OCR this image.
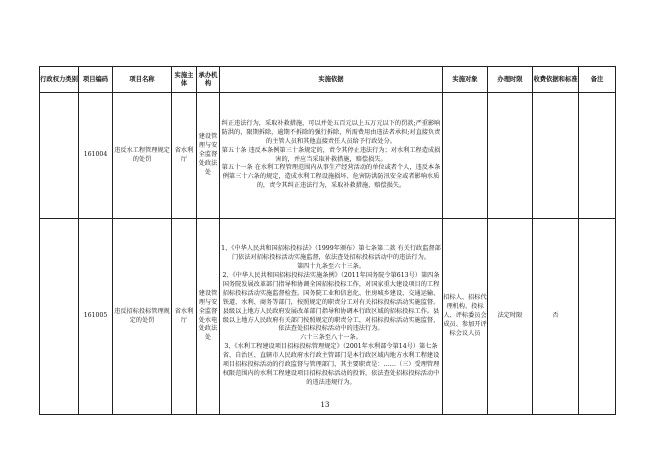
行政权力类别	项目编码	项目名称	实施主体	承办机构	实施依据	实施对象	办理时限	收费依据和标准	备注
	161004	违反水工程管理规定的处罚	省水利厅	建设管理与安全监督处政法处	纠正违法行为，采取补救措施，可以并处五百元以上五万元以下的罚款;严重影响防洪的，限期拆除，逾期不拆除的强行拆除，所需费用由违法者承担;对直接负责的主管人员和其他直接责任人员给予行政处分。

第五十条 违反本条例第三十条规定的，责令其停止违法行为；对水利工程造成损害的，并应当采取补救措施，赔偿损失。

第五十一条 在水利工程管理范围内从事生产经营活动的单位或者个人，违反本条例第三十六条的规定，造成水利工程设施损坏、危害防洪防汛安全或者影响水质的，责令其纠正违法行为，采取补救措施，赔偿损失。				

	161005	违反招标投标管理规定的处罚	省水利厅	建设管理与安全监督处水电处政法处	1、《中华人民共和国招标投标法》（1999年颁布）第七条第二款 有关行政监督部门依法对招标投标活动实施监督，依法查处招标投标活动中的违法行为。

第四十九条至六十三条。

2、《中华人民共和国招标投标法实施条例》（2011年国务院令第613号）第四条 国务院发展改革部门指导和协调全国招标投标工作，对国家重大建设项目的工程招标投标活动实施监督检查。国务院工业和信息化、住房城乡建设、交通运输、铁道、水利、商务等部门，按照规定的职责分工对有关招标投标活动实施监督。县级以上地方人民政府发展改革部门指导和协调本行政区域的招标投标工作。县级以上地方人民政府有关部门按照规定的职责分工，对招标投标活动实施监督，依法查处招标投标活动中的违法行为。

六十三条至八十一条。

3、《水利工程建设项目招标投标管理规定》（2001年水利部令第14号）第七条 省、自治区、直辖市人民政府水行政主管部门是本行政区域内地方水利工程建设项目招标投标活动的行政监督与管理部门，其主要职责是：……（三）受理管理权限范围内的水利工程建设项目招标投标活动的投诉，依法查处招标投标活动中的违法违规行为。	招标人、招标代理机构、投标人、评标委员会成员、参加开评标会议人员	法定时限	否	
13
